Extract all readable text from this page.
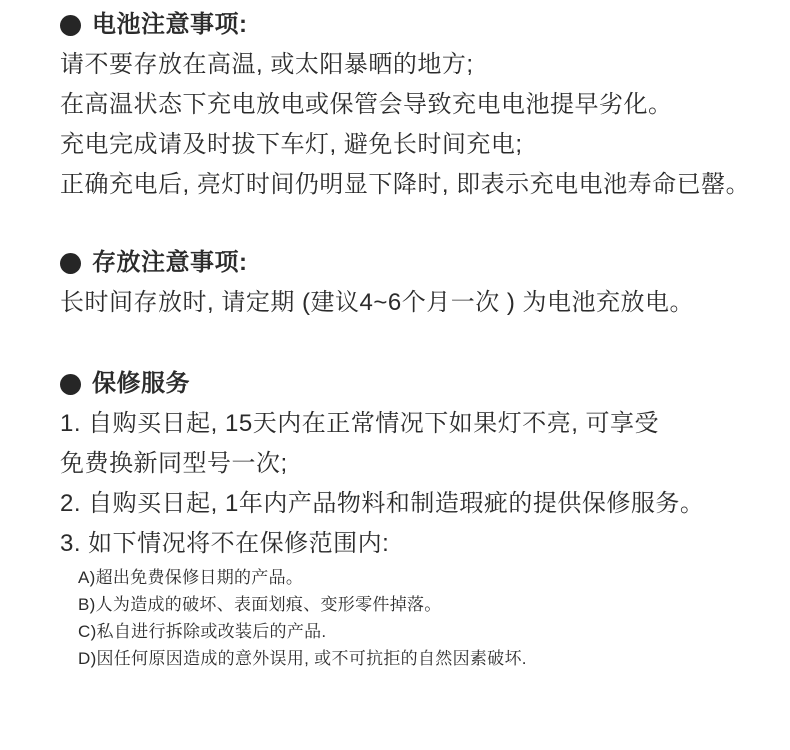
电池注意事项:

请不要存放在高温, 或太阳暴晒的地方;

在高温状态下充电放电或保管会导致充电电池提早劣化。

充电完成请及时拔下车灯, 避免长时间充电;

正确充电后, 亮灯时间仍明显下降时, 即表示充电电池寿命已罄。

存放注意事项:

长时间存放时, 请定期 (建议4~6个月一次 ) 为电池充放电。

保修服务

1. 自购买日起, 15天内在正常情况下如果灯不亮, 可享受

免费换新同型号一次;

2. 自购买日起, 1年内产品物料和制造瑕疵的提供保修服务。

3. 如下情况将不在保修范围内:

A)超出免费保修日期的产品。

B)人为造成的破坏、表面划痕、变形零件掉落。

C)私自进行拆除或改装后的产品.

D)因任何原因造成的意外误用, 或不可抗拒的自然因素破坏.
